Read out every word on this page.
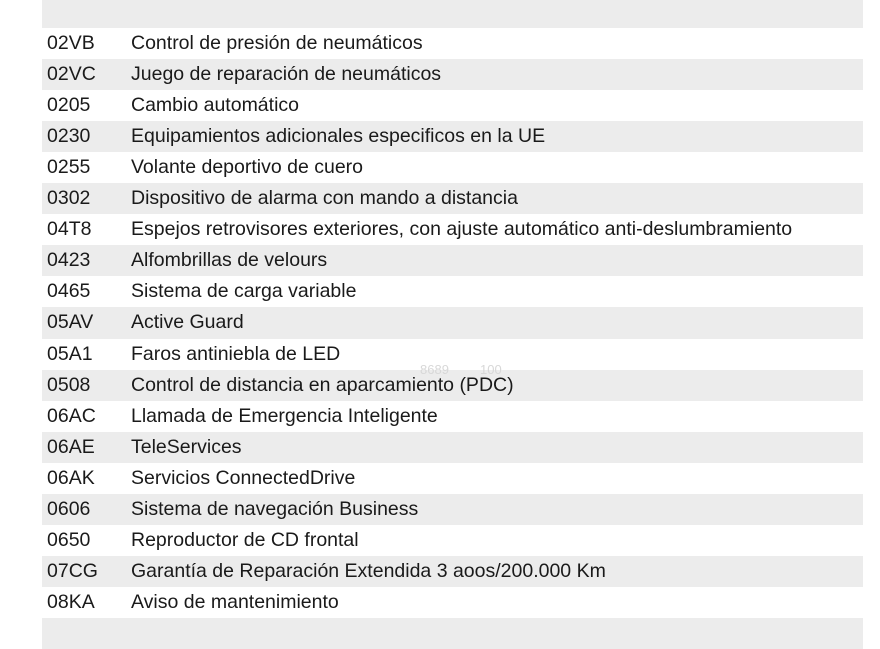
02VB	Control de presión de neumáticos
02VC	Juego de reparación de neumáticos
0205	Cambio automático
0230	Equipamientos adicionales especificos en la UE
0255	Volante deportivo de cuero
0302	Dispositivo de alarma con mando a distancia
04T8	Espejos retrovisores exteriores, con ajuste automático anti-deslumbramiento
0423	Alfombrillas de velours
0465	Sistema de carga variable
05AV	Active Guard
05A1	Faros antiniebla de LED
0508	Control de distancia en aparcamiento (PDC)
06AC	Llamada de Emergencia Inteligente
06AE	TeleServices
06AK	Servicios ConnectedDrive
0606	Sistema de navegación Business
0650	Reproductor de CD frontal
07CG	Garantía de Reparación Extendida 3 aoos/200.000 Km
08KA	Aviso de mantenimiento
8689 100
